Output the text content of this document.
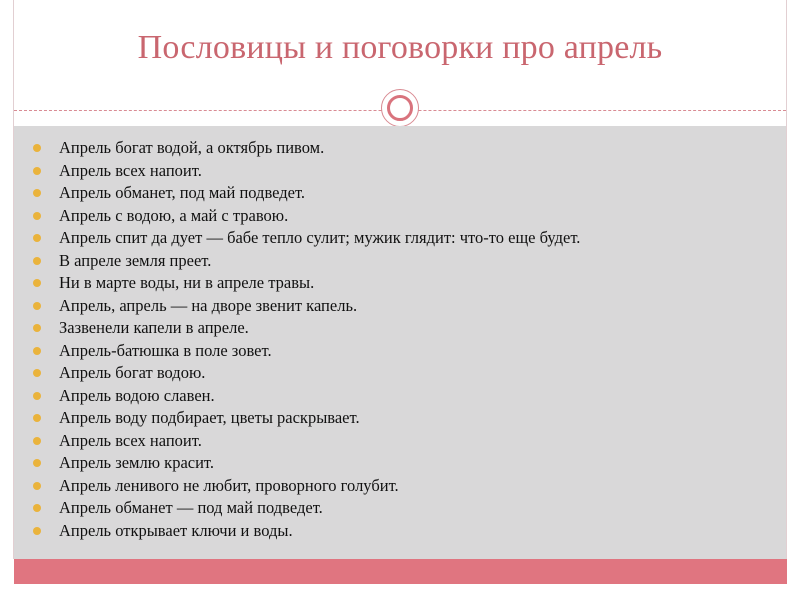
Пословицы и поговорки про апрель
Апрель богат водой, а октябрь пивом.
Апрель всех напоит.
Апрель обманет, под май подведет.
Апрель с водою, а май с травою.
Апрель спит да дует — бабе тепло сулит; мужик глядит: что-то еще будет.
В апреле земля преет.
Ни в марте воды, ни в апреле травы.
Апрель, апрель — на дворе звенит капель.
Зазвенели капели в апреле.
Апрель-батюшка в поле зовет.
Апрель богат водою.
Апрель водою славен.
Апрель воду подбирает, цветы раскрывает.
Апрель всех напоит.
Апрель землю красит.
Апрель ленивого не любит, проворного голубит.
Апрель обманет — под май подведет.
Апрель открывает ключи и воды.
